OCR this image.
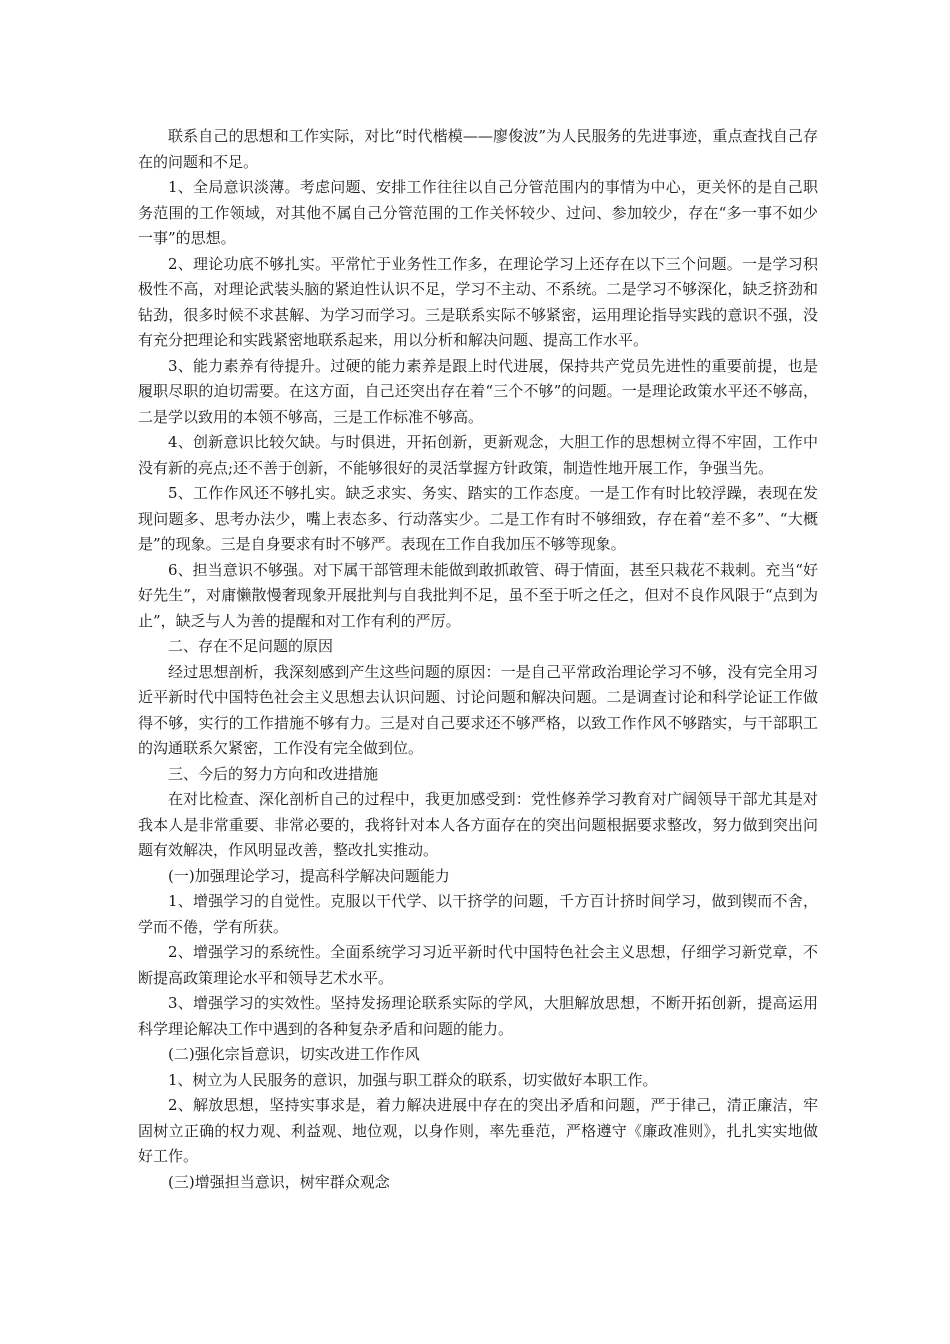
联系自己的思想和工作实际，对比“时代楷模——廖俊波”为人民服务的先进事迹，重点查找自己存在的问题和不足。

1、全局意识淡薄。考虑问题、安排工作往往以自己分管范围内的事情为中心，更关怀的是自己职务范围的工作领域，对其他不属自己分管范围的工作关怀较少、过问、参加较少，存在“多一事不如少一事”的思想。

2、理论功底不够扎实。平常忙于业务性工作多，在理论学习上还存在以下三个问题。一是学习积极性不高，对理论武装头脑的紧迫性认识不足，学习不主动、不系统。二是学习不够深化，缺乏挤劲和钻劲，很多时候不求甚解、为学习而学习。三是联系实际不够紧密，运用理论指导实践的意识不强，没有充分把理论和实践紧密地联系起来，用以分析和解决问题、提高工作水平。

3、能力素养有待提升。过硬的能力素养是跟上时代进展，保持共产党员先进性的重要前提，也是履职尽职的迫切需要。在这方面，自己还突出存在着“三个不够”的问题。一是理论政策水平还不够高，二是学以致用的本领不够高，三是工作标准不够高。

4、创新意识比较欠缺。与时俱进，开拓创新，更新观念，大胆工作的思想树立得不牢固，工作中没有新的亮点;还不善于创新，不能够很好的灵活掌握方针政策，制造性地开展工作，争强当先。

5、工作作风还不够扎实。缺乏求实、务实、踏实的工作态度。一是工作有时比较浮躁，表现在发现问题多、思考办法少，嘴上表态多、行动落实少。二是工作有时不够细致，存在着“差不多”、“大概是”的现象。三是自身要求有时不够严。表现在工作自我加压不够等现象。

6、担当意识不够强。对下属干部管理未能做到敢抓敢管、碍于情面，甚至只栽花不栽刺。充当“好好先生”，对庸懒散慢奢现象开展批判与自我批判不足，虽不至于听之任之，但对不良作风限于“点到为止”，缺乏与人为善的提醒和对工作有利的严厉。

二、存在不足问题的原因

经过思想剖析，我深刻感到产生这些问题的原因：一是自己平常政治理论学习不够，没有完全用习近平新时代中国特色社会主义思想去认识问题、讨论问题和解决问题。二是调查讨论和科学论证工作做得不够，实行的工作措施不够有力。三是对自己要求还不够严格，以致工作作风不够踏实，与干部职工的沟通联系欠紧密，工作没有完全做到位。

三、今后的努力方向和改进措施

在对比检查、深化剖析自己的过程中，我更加感受到：党性修养学习教育对广阔领导干部尤其是对我本人是非常重要、非常必要的，我将针对本人各方面存在的突出问题根据要求整改，努力做到突出问题有效解决，作风明显改善，整改扎实推动。

(一)加强理论学习，提高科学解决问题能力

1、增强学习的自觉性。克服以干代学、以干挤学的问题，千方百计挤时间学习，做到锲而不舍，学而不倦，学有所获。

2、增强学习的系统性。全面系统学习习近平新时代中国特色社会主义思想，仔细学习新党章，不断提高政策理论水平和领导艺术水平。

3、增强学习的实效性。坚持发扬理论联系实际的学风，大胆解放思想，不断开拓创新，提高运用科学理论解决工作中遇到的各种复杂矛盾和问题的能力。

(二)强化宗旨意识，切实改进工作作风

1、树立为人民服务的意识，加强与职工群众的联系，切实做好本职工作。

2、解放思想，坚持实事求是，着力解决进展中存在的突出矛盾和问题，严于律己，清正廉洁，牢固树立正确的权力观、利益观、地位观，以身作则，率先垂范，严格遵守《廉政准则》，扎扎实实地做好工作。

(三)增强担当意识，树牢群众观念
